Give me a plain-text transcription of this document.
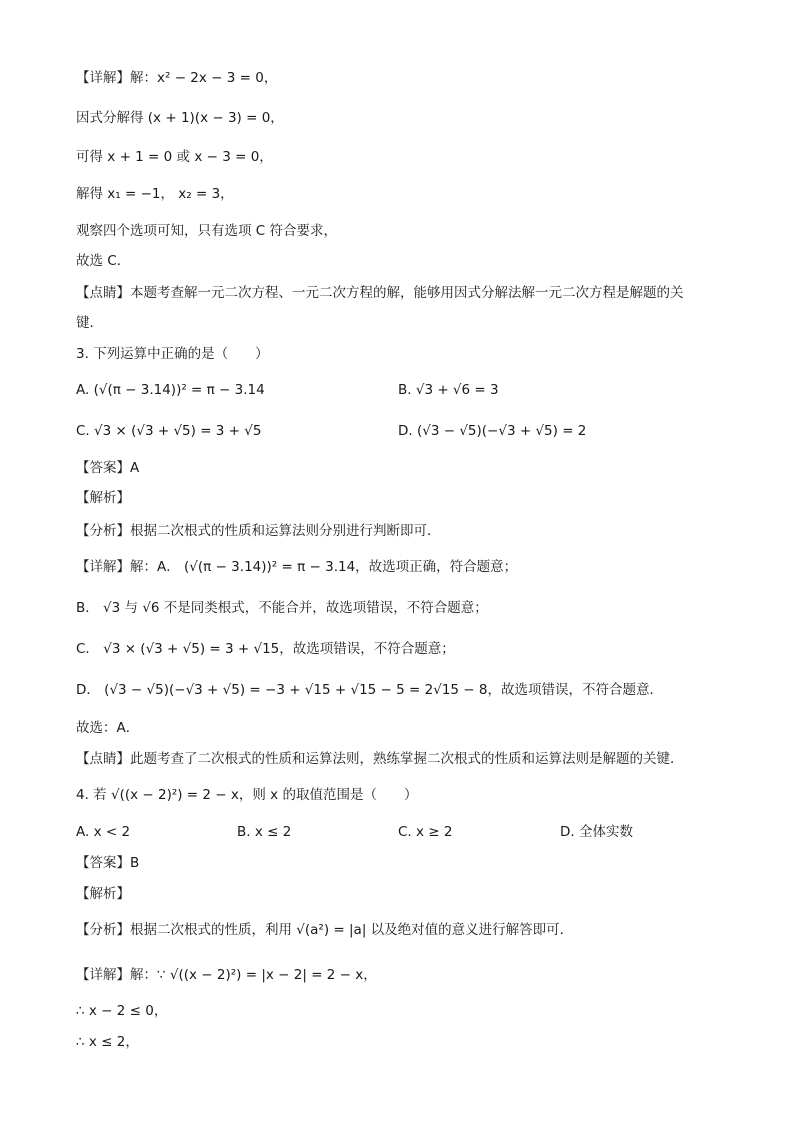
【详解】解：x² − 2x − 3 = 0，
因式分解得 (x + 1)(x − 3) = 0，
可得 x + 1 = 0 或 x − 3 = 0，
解得 x₁ = −1， x₂ = 3，
观察四个选项可知，只有选项 C 符合要求，
故选 C．
【点睛】本题考查解一元二次方程、一元二次方程的解，能够用因式分解法解一元二次方程是解题的关
键．
3. 下列运算中正确的是（　　）
A. (√(π − 3.14))² = π − 3.14	B. √3 + √6 = 3
C. √3 × (√3 + √5) = 3 + √5	D. (√3 − √5)(−√3 + √5) = 2
【答案】A
【解析】
【分析】根据二次根式的性质和运算法则分别进行判断即可．
【详解】解：A． (√(π − 3.14))² = π − 3.14，故选项正确，符合题意；
B． √3 与 √6 不是同类根式，不能合并，故选项错误，不符合题意；
C． √3 × (√3 + √5) = 3 + √15，故选项错误，不符合题意；
D． (√3 − √5)(−√3 + √5) = −3 + √15 + √15 − 5 = 2√15 − 8，故选项错误，不符合题意．
故选：A．
【点睛】此题考查了二次根式的性质和运算法则，熟练掌握二次根式的性质和运算法则是解题的关键．
4. 若 √((x − 2)²) = 2 − x，则 x 的取值范围是（　　）
A. x < 2	B. x ≤ 2	C. x ≥ 2	D. 全体实数
【答案】B
【解析】
【分析】根据二次根式的性质，利用 √(a²) = |a| 以及绝对值的意义进行解答即可．
【详解】解：∵ √((x − 2)²) = |x − 2| = 2 − x，
∴ x − 2 ≤ 0，
∴ x ≤ 2，
